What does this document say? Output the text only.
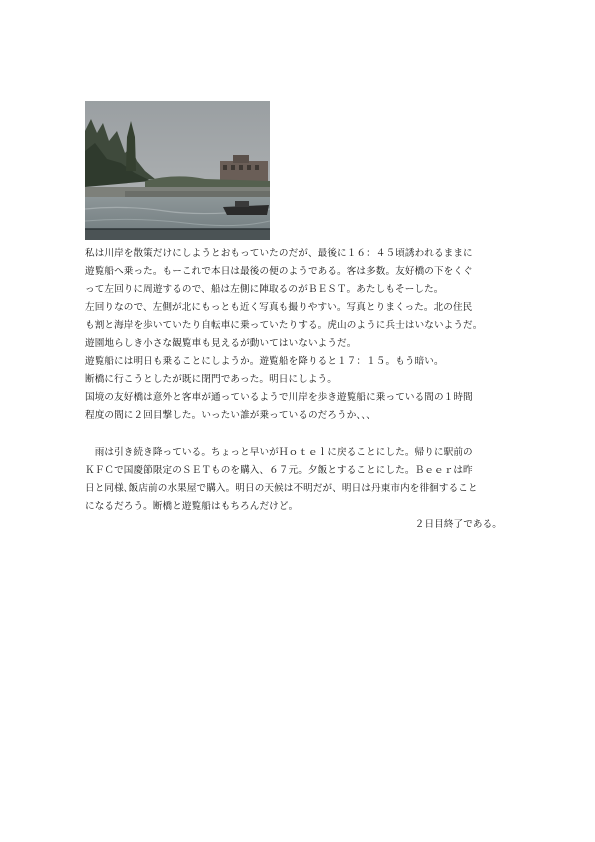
私は川岸を散策だけにしようとおもっていたのだが、最後に１６：４５頃誘われるままに

遊覧船へ乗った。もーこれで本日は最後の便のようである。客は多数。友好橋の下をくぐ

って左回りに周遊するので、船は左側に陣取るのがＢＥＳＴ。あたしもそーした。

左回りなので、左側が北にもっとも近く写真も撮りやすい。写真とりまくった。北の住民

も割と海岸を歩いていたり自転車に乗っていたりする。虎山のように兵士はいないようだ。

遊園地らしき小さな観覧車も見えるが動いてはいないようだ。

遊覧船には明日も乗ることにしようか。遊覧船を降りると１７：１５。もう暗い。

断橋に行こうとしたが既に閉門であった。明日にしよう。

国境の友好橋は意外と客車が通っているようで川岸を歩き遊覧船に乗っている間の１時間

程度の間に２回目撃した。いったい誰が乗っているのだろうか、、、

　雨は引き続き降っている。ちょっと早いがＨｏｔｅｌに戻ることにした。帰りに駅前の

ＫＦＣで国慶節限定のＳＥＴものを購入、６７元。夕飯とすることにした。Ｂｅｅｒは昨

日と同様､飯店前の水果屋で購入。明日の天候は不明だが、明日は丹東市内を徘徊すること

になるだろう。断橋と遊覧船はもちろんだけど。

２日目終了である。
